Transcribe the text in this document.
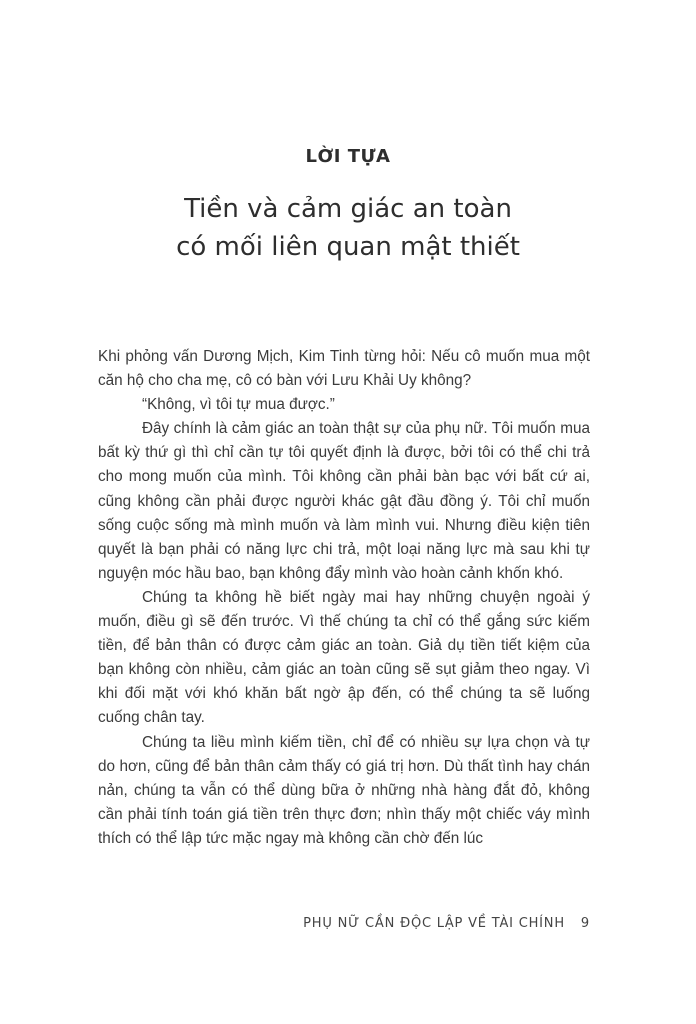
LỜI TỰA
Tiền và cảm giác an toàn
có mối liên quan mật thiết

Khi phỏng vấn Dương Mịch, Kim Tinh từng hỏi: Nếu cô muốn mua một căn hộ cho cha mẹ, cô có bàn với Lưu Khải Uy không?

“Không, vì tôi tự mua được.”

Đây chính là cảm giác an toàn thật sự của phụ nữ. Tôi muốn mua bất kỳ thứ gì thì chỉ cần tự tôi quyết định là được, bởi tôi có thể chi trả cho mong muốn của mình. Tôi không cần phải bàn bạc với bất cứ ai, cũng không cần phải được người khác gật đầu đồng ý. Tôi chỉ muốn sống cuộc sống mà mình muốn và làm mình vui. Nhưng điều kiện tiên quyết là bạn phải có năng lực chi trả, một loại năng lực mà sau khi tự nguyện móc hầu bao, bạn không đẩy mình vào hoàn cảnh khốn khó.

Chúng ta không hề biết ngày mai hay những chuyện ngoài ý muốn, điều gì sẽ đến trước. Vì thế chúng ta chỉ có thể gắng sức kiếm tiền, để bản thân có được cảm giác an toàn. Giả dụ tiền tiết kiệm của bạn không còn nhiều, cảm giác an toàn cũng sẽ sụt giảm theo ngay. Vì khi đối mặt với khó khăn bất ngờ ập đến, có thể chúng ta sẽ luống cuống chân tay.

Chúng ta liều mình kiếm tiền, chỉ để có nhiều sự lựa chọn và tự do hơn, cũng để bản thân cảm thấy có giá trị hơn. Dù thất tình hay chán nản, chúng ta vẫn có thể dùng bữa ở những nhà hàng đắt đỏ, không cần phải tính toán giá tiền trên thực đơn; nhìn thấy một chiếc váy mình thích có thể lập tức mặc ngay mà không cần chờ đến lúc

PHỤ NỮ CẦN ĐỘC LẬP VỀ TÀI CHÍNH 9
